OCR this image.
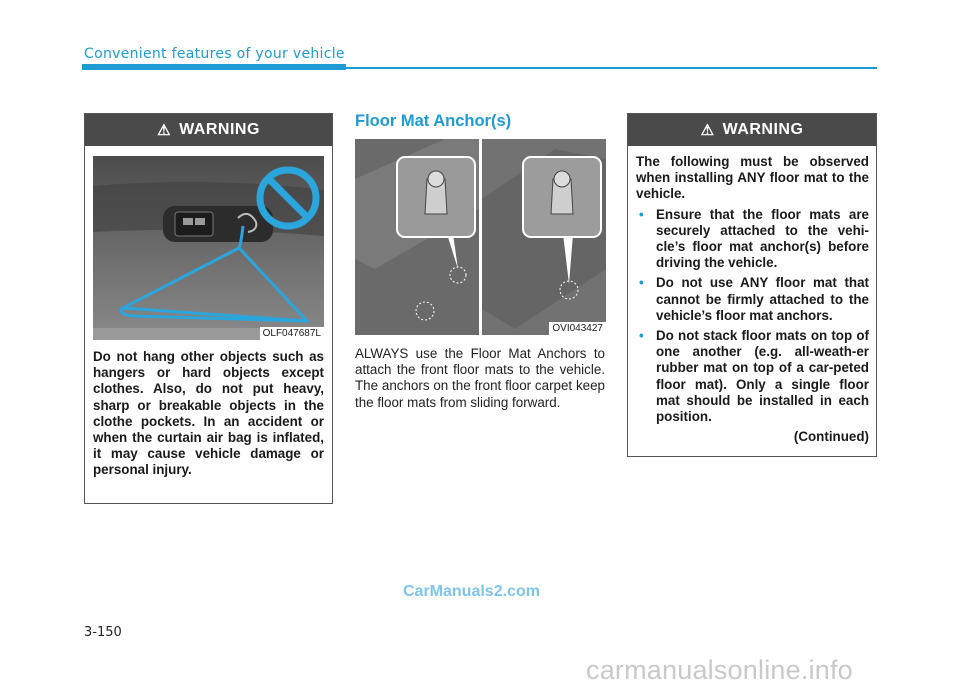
Convenient features of your vehicle
⚠ WARNING
OLF047687L
Do not hang other objects such as hangers or hard objects except clothes. Also, do not put heavy, sharp or breakable objects in the clothe pockets. In an accident or when the curtain air bag is inflated, it may cause vehicle damage or personal injury.
Floor Mat Anchor(s)
OVI043427
ALWAYS use the Floor Mat Anchors to attach the front floor mats to the vehicle. The anchors on the front floor carpet keep the floor mats from sliding forward.
⚠ WARNING
The following must be observed when installing ANY floor mat to the vehicle.
• Ensure that the floor mats are securely attached to the vehi-cle’s floor mat anchor(s) before driving the vehicle.
• Do not use ANY floor mat that cannot be firmly attached to the vehicle’s floor mat anchors.
• Do not stack floor mats on top of one another (e.g. all-weath-er rubber mat on top of a car-peted floor mat). Only a single floor mat should be installed in each position.
(Continued)
CarManuals2.com
3-150
carmanualsonline.info
